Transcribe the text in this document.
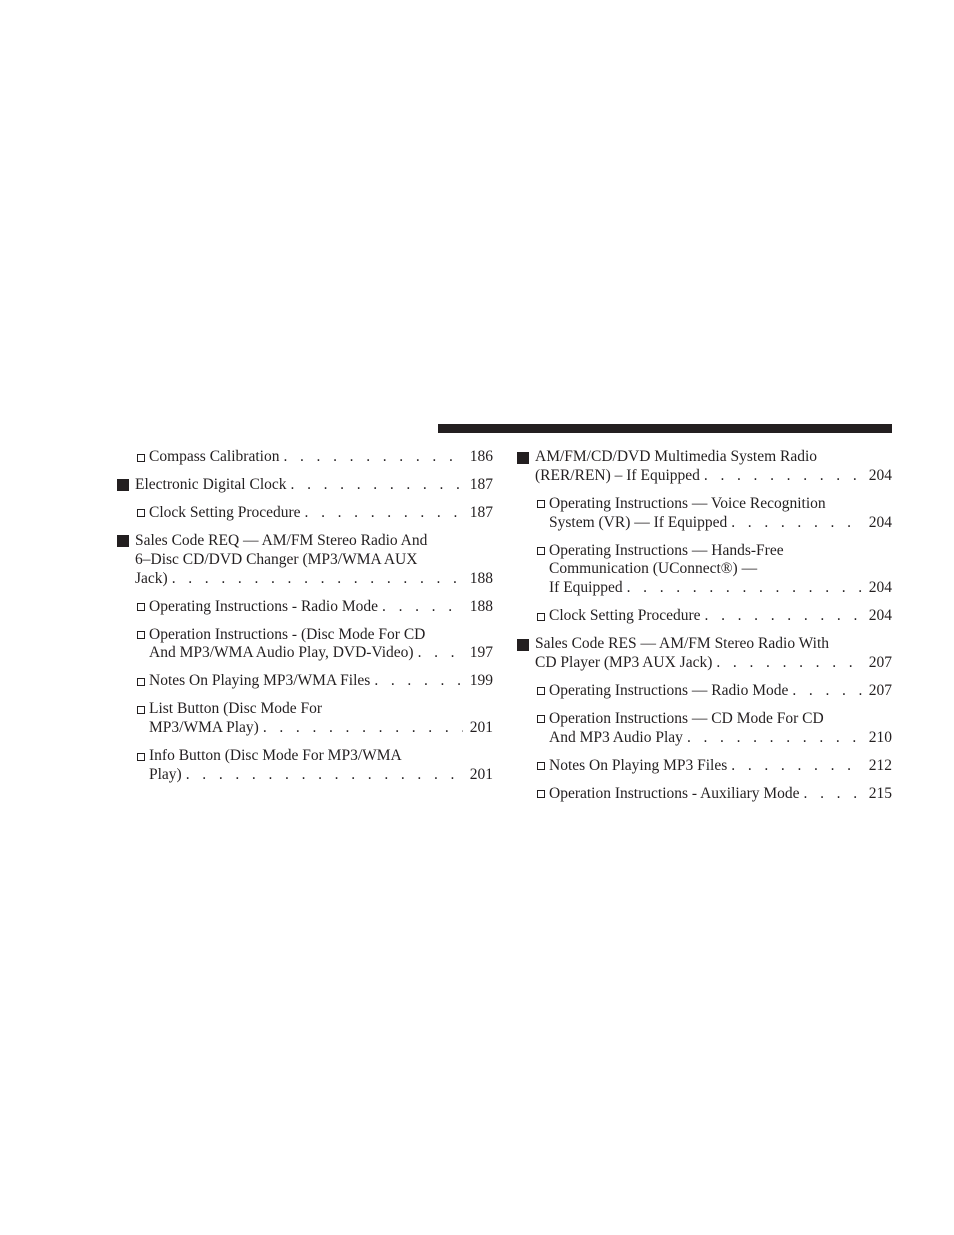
Compass Calibration . . .	186
Electronic Digital Clock . . .	187
Clock Setting Procedure . . .	187
Sales Code REQ — AM/FM Stereo Radio And
6–Disc CD/DVD Changer (MP3/WMA AUX
Jack) . . .	188
Operating Instructions - Radio Mode . . .	188
Operation Instructions - (Disc Mode For CD
And MP3/WMA Audio Play, DVD-Video) . . .	197
Notes On Playing MP3/WMA Files . . .	199
List Button (Disc Mode For
MP3/WMA Play) . . .	201
Info Button (Disc Mode For MP3/WMA
Play) . . .	201
AM/FM/CD/DVD Multimedia System Radio
(RER/REN) – If Equipped . . .	204
Operating Instructions — Voice Recognition
System (VR) — If Equipped . . .	204
Operating Instructions — Hands-Free
Communication (UConnect®) —
If Equipped . . .	204
Clock Setting Procedure . . .	204
Sales Code RES — AM/FM Stereo Radio With
CD Player (MP3 AUX Jack) . . .	207
Operating Instructions — Radio Mode . . .	207
Operation Instructions — CD Mode For CD
And MP3 Audio Play . . .	210
Notes On Playing MP3 Files . . .	212
Operation Instructions - Auxiliary Mode . . .	215
